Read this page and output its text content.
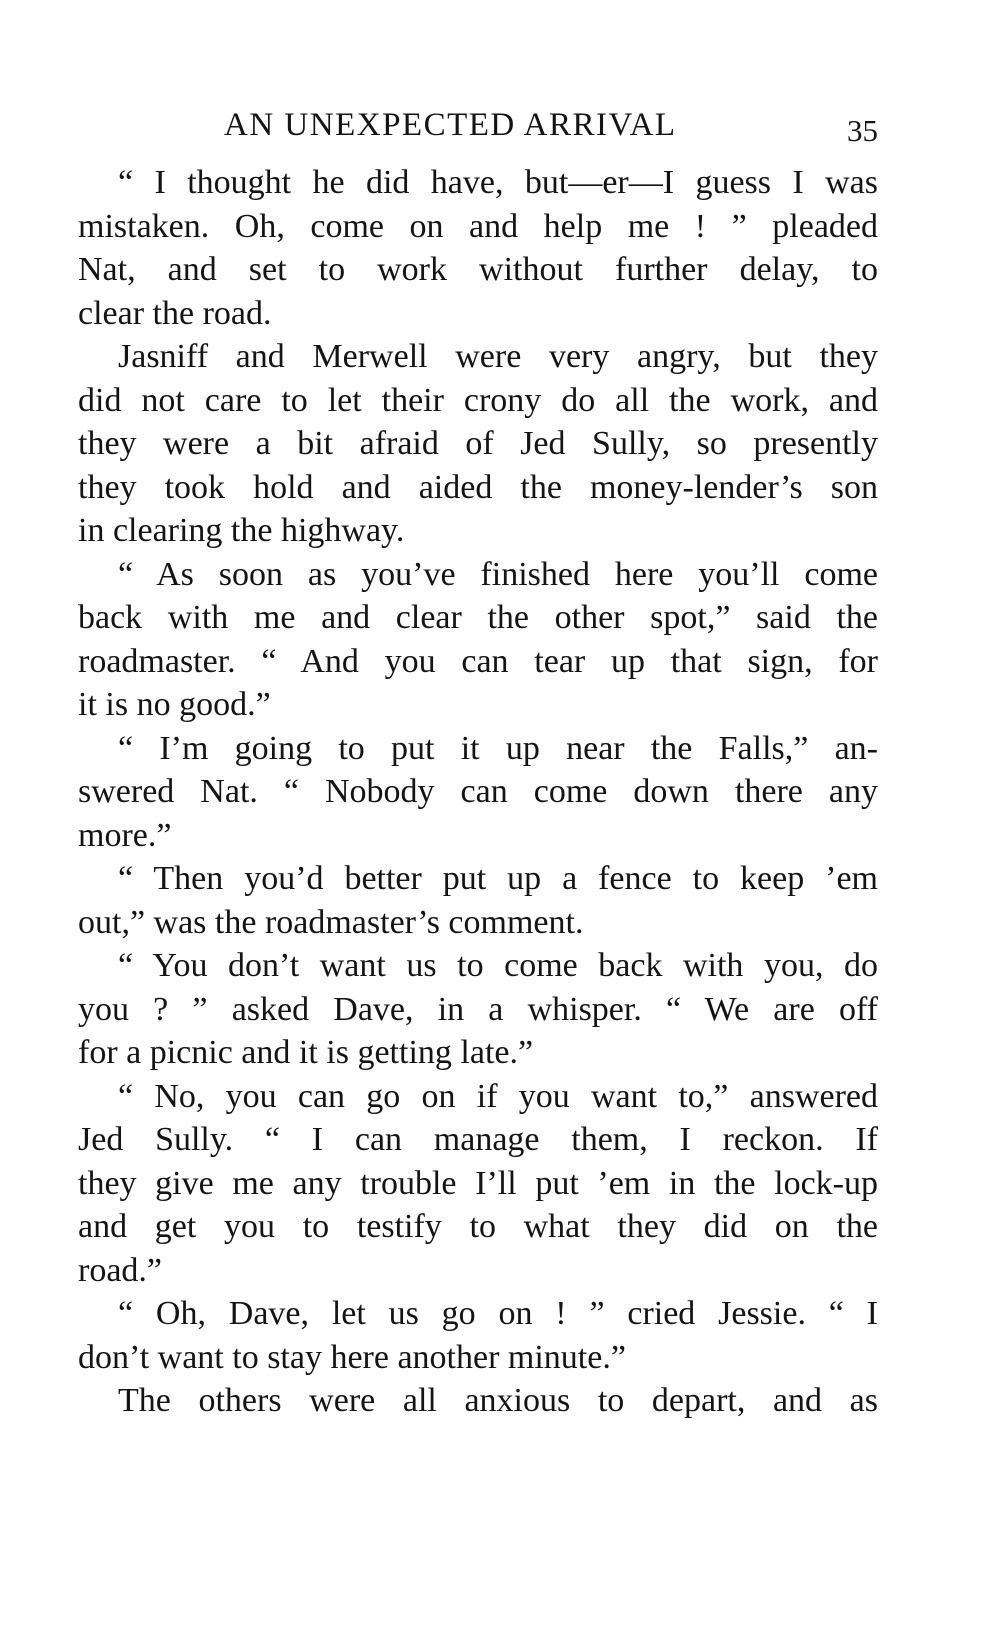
AN UNEXPECTED ARRIVAL	35
“ I thought he did have, but—er—I guess I was
mistaken. Oh, come on and help me ! ” pleaded
Nat, and set to work without further delay, to
clear the road.
Jasniff and Merwell were very angry, but they
did not care to let their crony do all the work, and
they were a bit afraid of Jed Sully, so presently
they took hold and aided the money-lender’s son
in clearing the highway.
“ As soon as you’ve finished here you’ll come
back with me and clear the other spot,” said the
roadmaster. “ And you can tear up that sign, for
it is no good.”
“ I’m going to put it up near the Falls,” an-
swered Nat. “ Nobody can come down there any
more.”
“ Then you’d better put up a fence to keep ’em
out,” was the roadmaster’s comment.
“ You don’t want us to come back with you, do
you ? ” asked Dave, in a whisper. “ We are off
for a picnic and it is getting late.”
“ No, you can go on if you want to,” answered
Jed Sully. “ I can manage them, I reckon. If
they give me any trouble I’ll put ’em in the lock-up
and get you to testify to what they did on the
road.”
“ Oh, Dave, let us go on ! ” cried Jessie. “ I
don’t want to stay here another minute.”
The others were all anxious to depart, and as
